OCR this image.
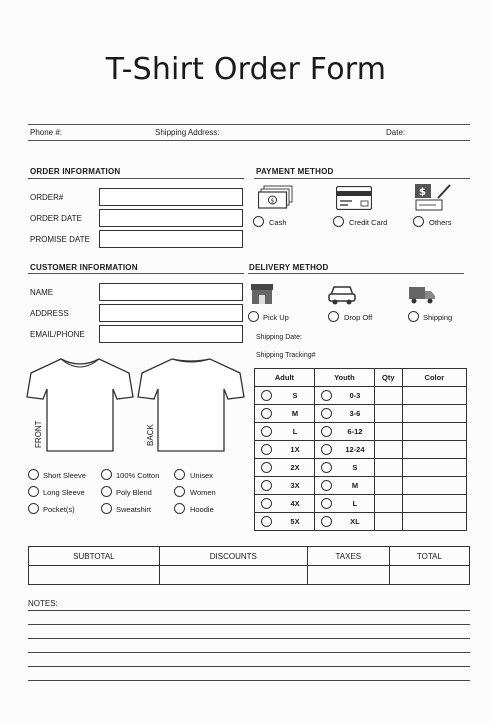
T-Shirt Order Form
Phone #:	Shipping Address:	Date:
ORDER INFORMATION
ORDER#
ORDER DATE
PROMISE DATE
PAYMENT METHOD
$
Cash	Credit Card
$
Others
CUSTOMER INFORMATION
NAME
ADDRESS
EMAIL/PHONE
DELIVERY METHOD
Pick Up	Drop Off	Shipping
Shipping Date:
Shipping Tracking#
FRONT	BACK
Short Sleeve
Long Sleeve
Pocket(s)
100% Cotton
Poly Blend
Sweatshirt
Unisex
Women
Hoodie
Adult	Youth	Qty	Color

S	0-3		

M	3-6		

L	6-12		

1X	12-24		

2X	S		

3X	M		

4X	L		

5X	XL		

SUBTOTAL	DISCOUNTS	TAXES	TOTAL

NOTES:
